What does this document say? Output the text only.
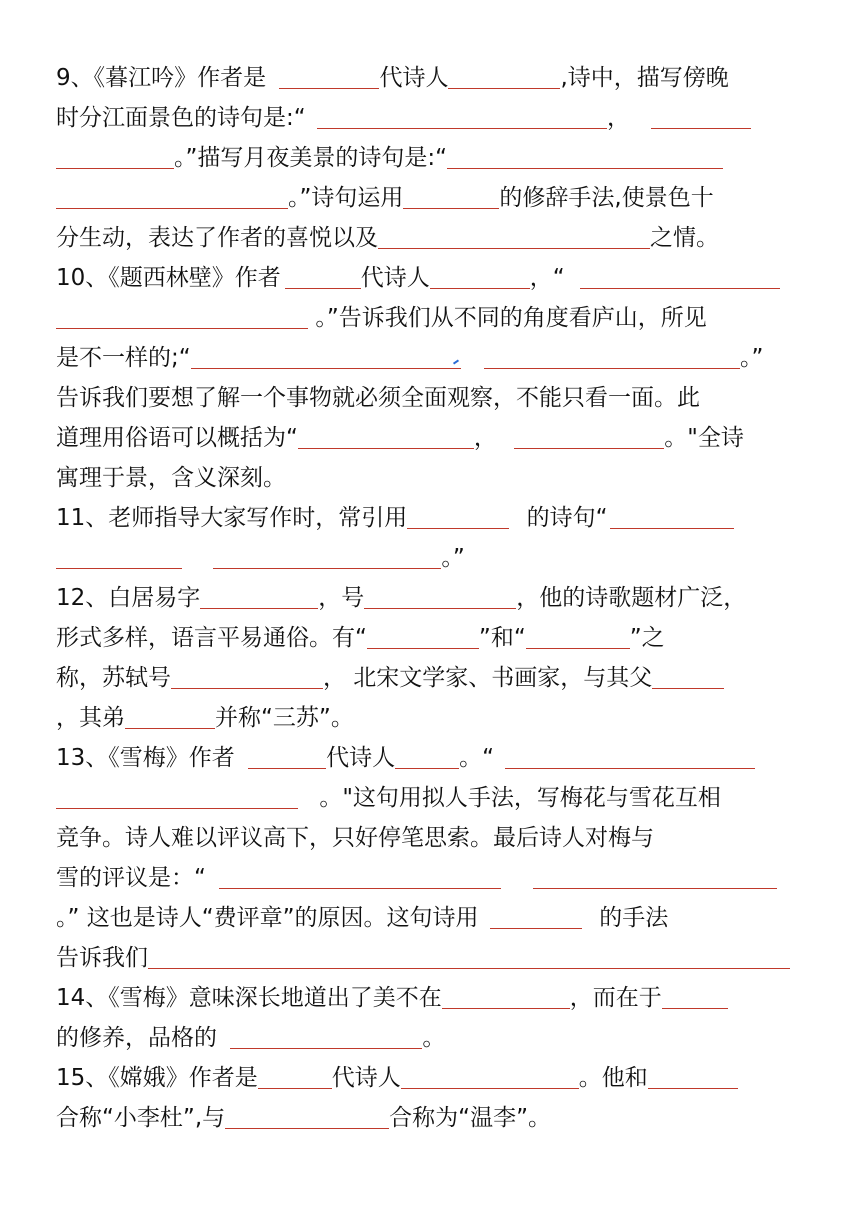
9、《暮江吟》作者是	代诗人	,诗中，描写傍晚
时分江面景色的诗句是:“	，
。”描写月夜美景的诗句是:“
。”诗句运用	的修辞手法,使景色十
分生动，表达了作者的喜悦以及	之情。
10、《题西林壁》作者	代诗人	，“
。”告诉我们从不同的角度看庐山，所见
是不一样的;“	。”
告诉我们要想了解一个事物就必须全面观察，不能只看一面。此
道理用俗语可以概括为“	，	。"全诗
寓理于景，含义深刻。
11、老师指导大家写作时，常引用	的诗句“
。”
12、白居易字	，号	，他的诗歌题材广泛，
形式多样，语言平易通俗。有“	”和“	”之
称，苏轼号	， 北宋文学家、书画家，与其父
，其弟	并称“三苏”。
13、《雪梅》作者	代诗人	。“
。"这句用拟人手法，写梅花与雪花互相
竞争。诗人难以评议高下，只好停笔思索。最后诗人对梅与
雪的评议是：“
。” 这也是诗人“费评章”的原因。这句诗用	的手法
告诉我们
14、《雪梅》意味深长地道出了美不在	，而在于
的修养，品格的	。
15、《嫦娥》作者是	代诗人	。他和
合称“小李杜”,与	合称为“温李”。
